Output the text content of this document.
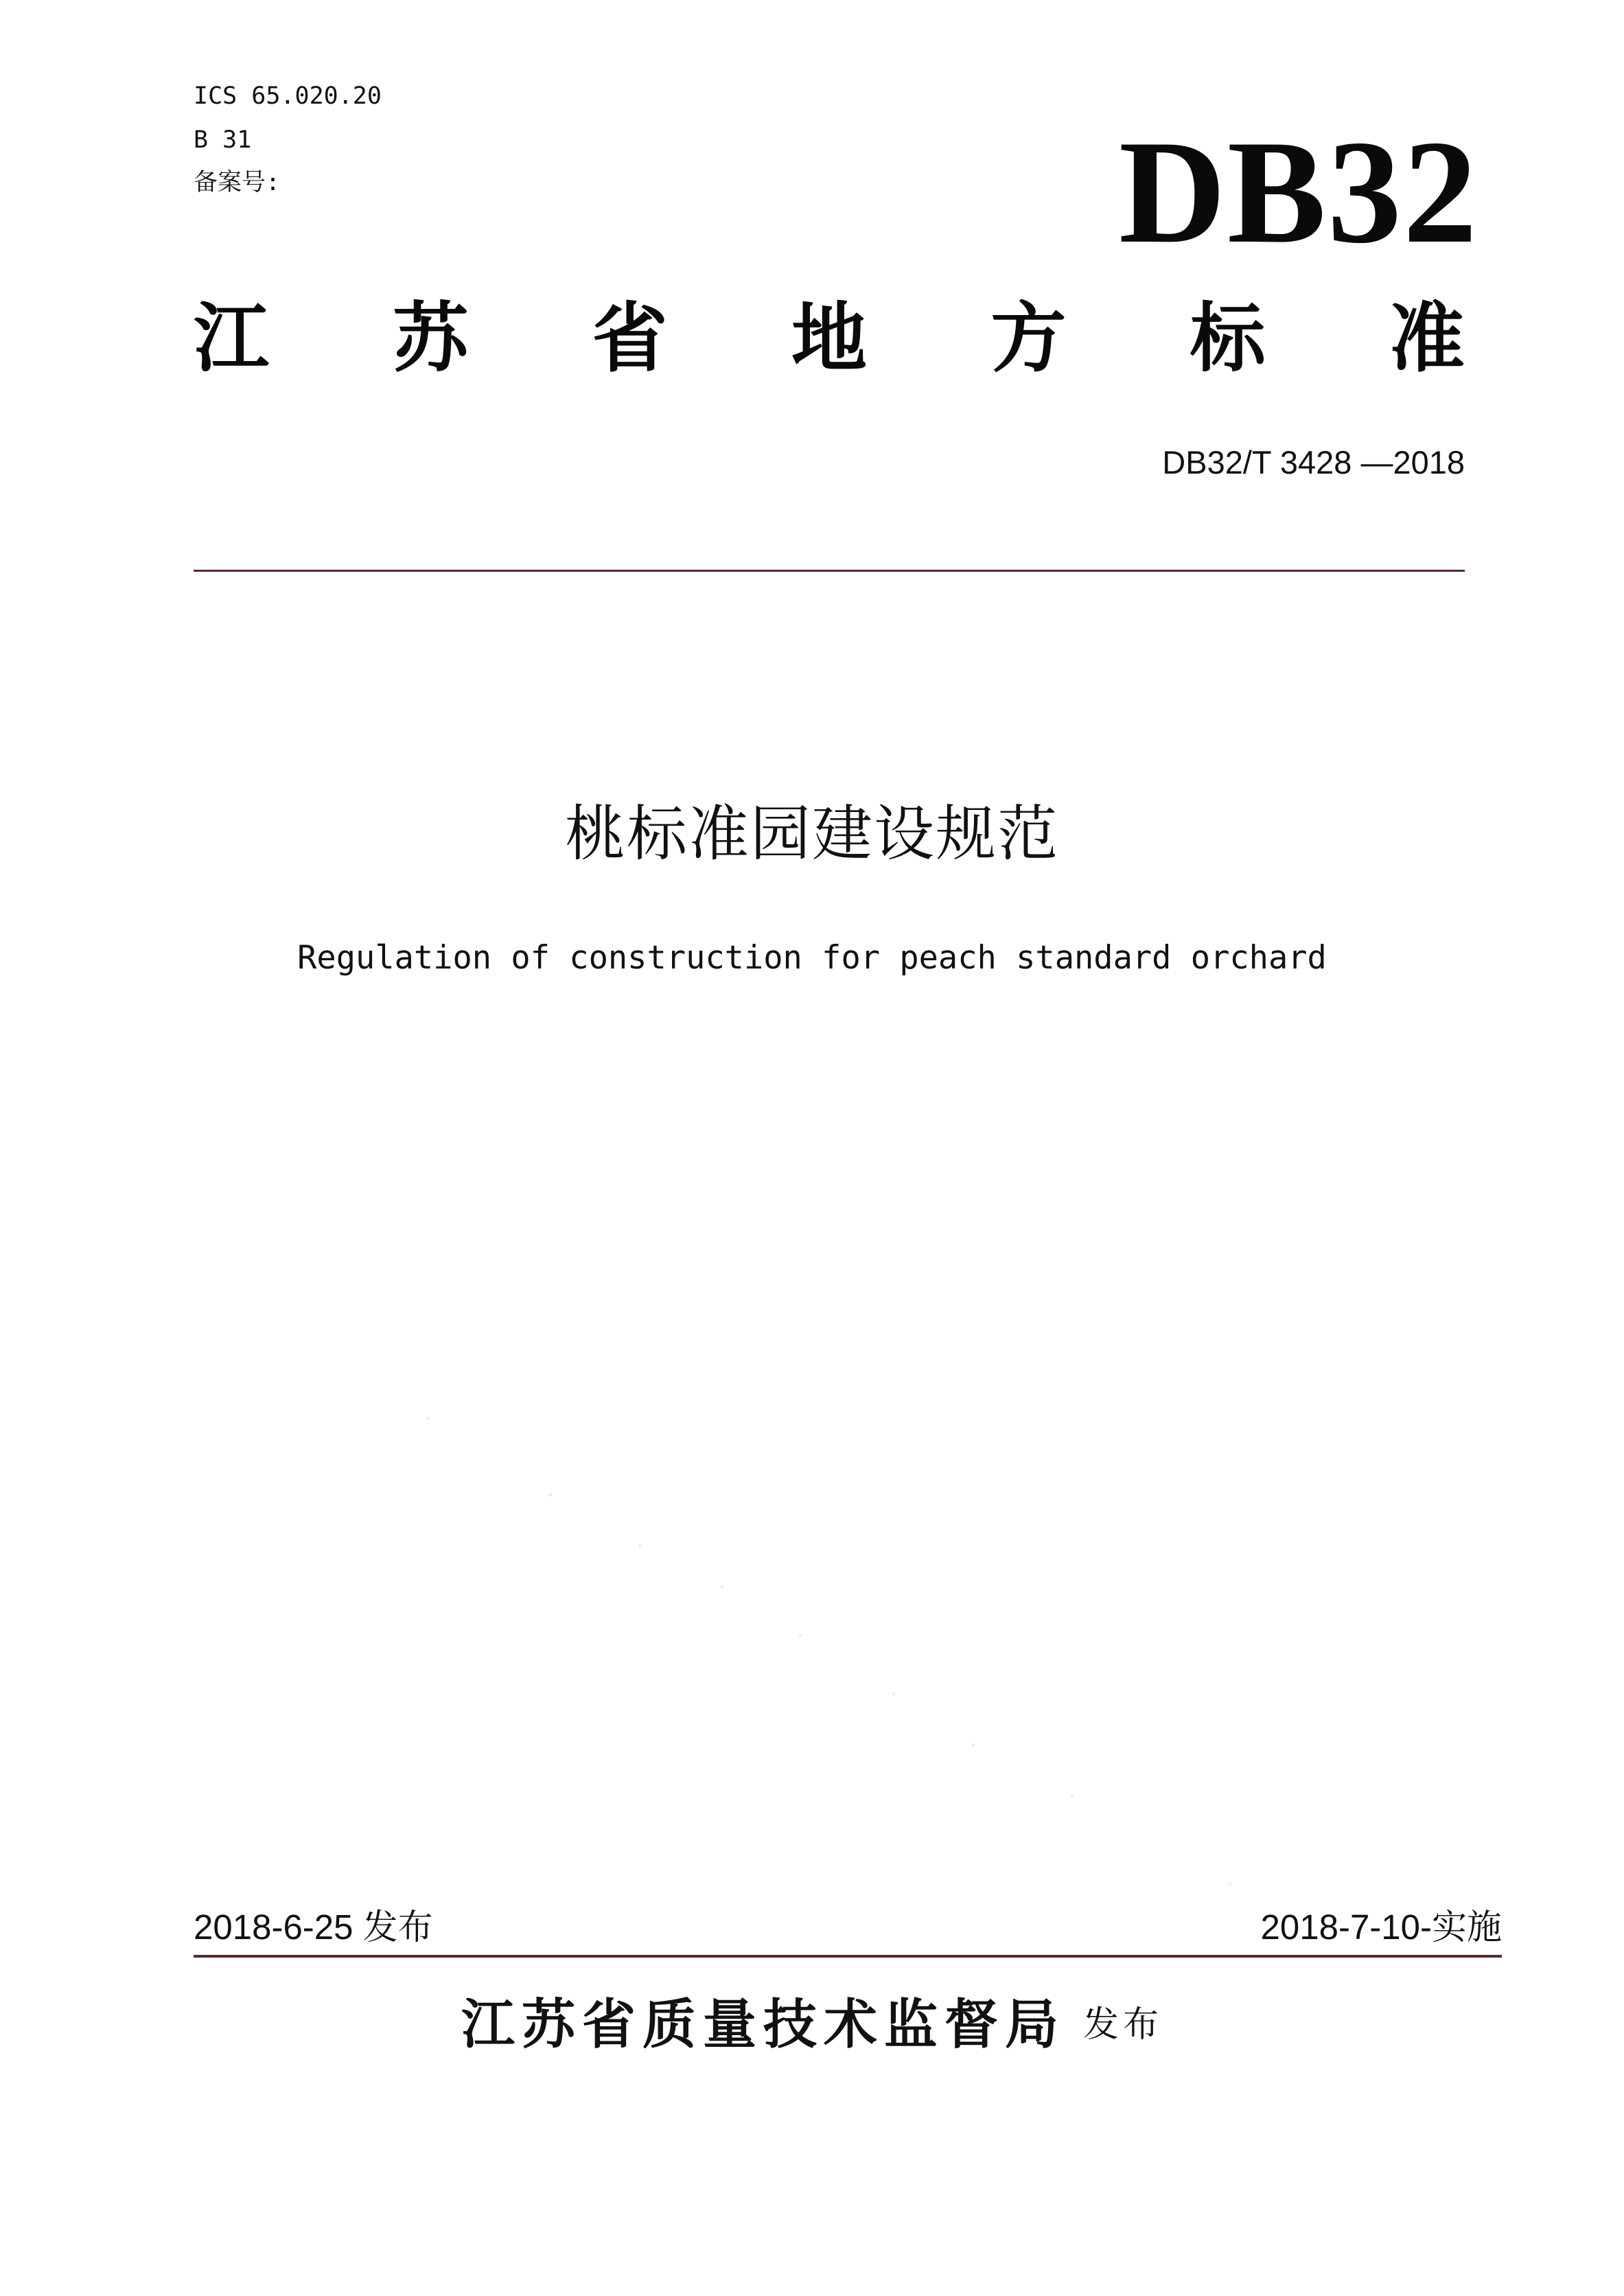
ICS 65.020.20
B 31
备案号:	DB32
江 苏 省 地 方 标 准
DB32/T 3428 —2018
桃标准园建设规范
Regulation of construction for peach standard orchard
2018-6-25 发布	2018-7-10-实施
江苏省质量技术监督局 发布
